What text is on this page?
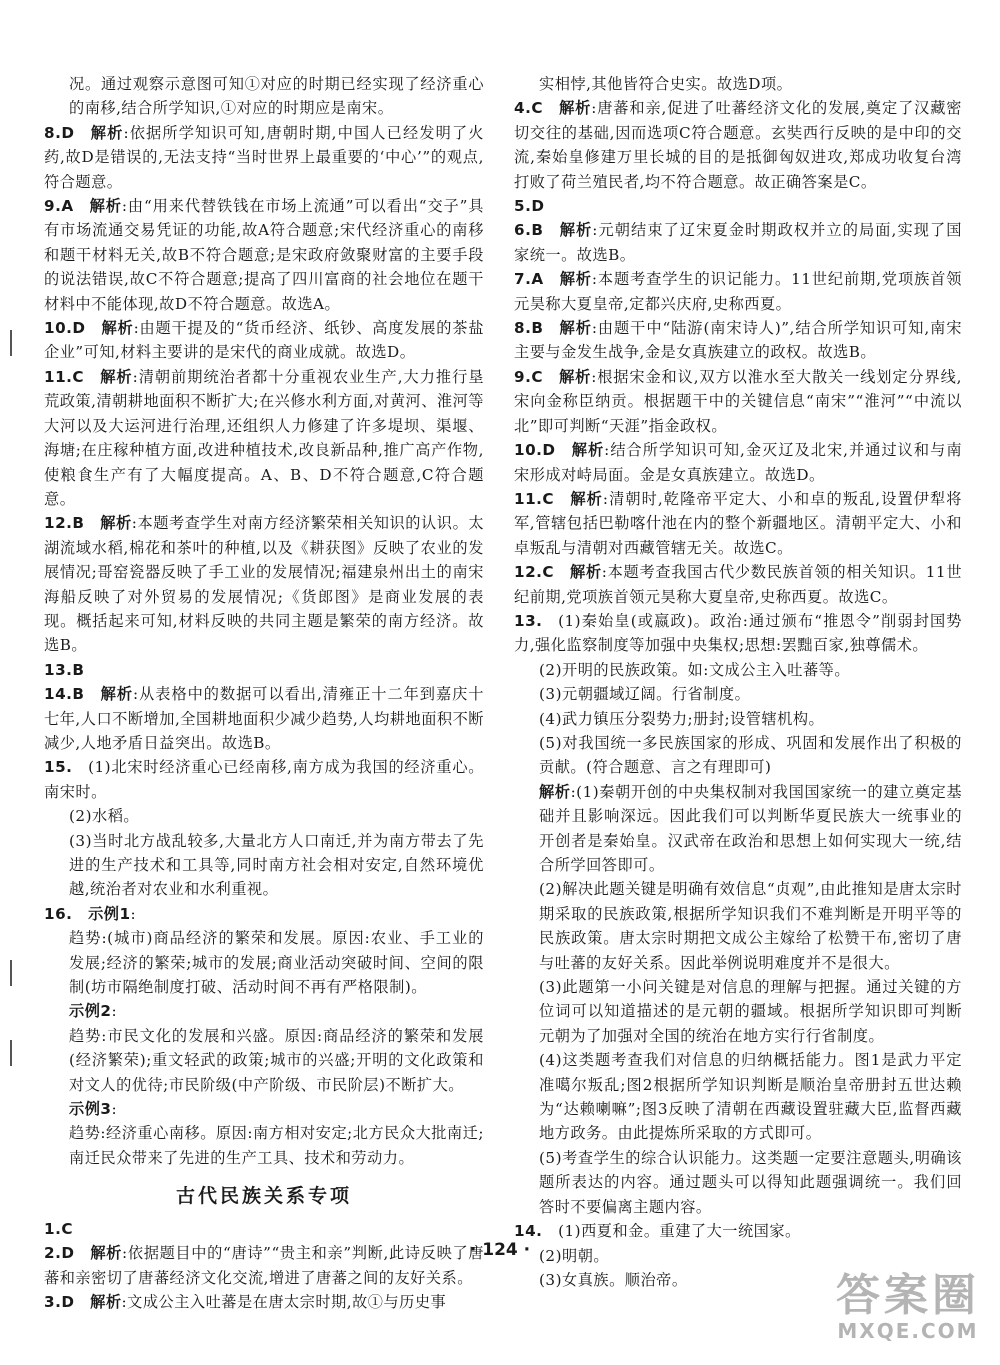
况。通过观察示意图可知①对应的时期已经实现了经济重心的南移,结合所学知识,①对应的时期应是南宋。

8.D  解析:依据所学知识可知,唐朝时期,中国人已经发明了火药,故D是错误的,无法支持“当时世界上最重要的‘中心’”的观点,符合题意。

9.A  解析:由“用来代替铁钱在市场上流通”可以看出“交子”具有市场流通交易凭证的功能,故A符合题意;宋代经济重心的南移和题干材料无关,故B不符合题意;是宋政府敛聚财富的主要手段的说法错误,故C不符合题意;提高了四川富商的社会地位在题干材料中不能体现,故D不符合题意。故选A。

10.D  解析:由题干提及的“货币经济、纸钞、高度发展的茶盐企业”可知,材料主要讲的是宋代的商业成就。故选D。

11.C  解析:清朝前期统治者都十分重视农业生产,大力推行垦荒政策,清朝耕地面积不断扩大;在兴修水利方面,对黄河、淮河等大河以及大运河进行治理,还组织人力修建了许多堤坝、渠堰、海塘;在庄稼种植方面,改进种植技术,改良新品种,推广高产作物,使粮食生产有了大幅度提高。A、B、D不符合题意,C符合题意。

12.B  解析:本题考查学生对南方经济繁荣相关知识的认识。太湖流域水稻,棉花和茶叶的种植,以及《耕获图》反映了农业的发展情况;哥窑瓷器反映了手工业的发展情况;福建泉州出土的南宋海船反映了对外贸易的发展情况;《货郎图》是商业发展的表现。概括起来可知,材料反映的共同主题是繁荣的南方经济。故选B。

13.B 

14.B  解析:从表格中的数据可以看出,清雍正十二年到嘉庆十七年,人口不断增加,全国耕地面积少减少趋势,人均耕地面积不断减少,人地矛盾日益突出。故选B。

15.  (1)北宋时经济重心已经南移,南方成为我国的经济重心。南宋时。

(2)水稻。

(3)当时北方战乱较多,大量北方人口南迁,并为南方带去了先进的生产技术和工具等,同时南方社会相对安定,自然环境优越,统治者对农业和水利重视。

16.  示例1:

趋势:(城市)商品经济的繁荣和发展。原因:农业、手工业的发展;经济的繁荣;城市的发展;商业活动突破时间、空间的限制(坊市隔绝制度打破、活动时间不再有严格限制)。

示例2:

趋势:市民文化的发展和兴盛。原因:商品经济的繁荣和发展(经济繁荣);重文轻武的政策;城市的兴盛;开明的文化政策和对文人的优待;市民阶级(中产阶级、市民阶层)不断扩大。

示例3:

趋势:经济重心南移。原因:南方相对安定;北方民众大批南迁;南迁民众带来了先进的生产工具、技术和劳动力。

古代民族关系专项

1.C 

2.D  解析:依据题目中的“唐诗”“贵主和亲”判断,此诗反映了唐蕃和亲密切了唐蕃经济文化交流,增进了唐蕃之间的友好关系。

3.D  解析:文成公主入吐蕃是在唐太宗时期,故①与历史事

实相悖,其他皆符合史实。故选D项。

4.C  解析:唐蕃和亲,促进了吐蕃经济文化的发展,奠定了汉藏密切交往的基础,因而选项C符合题意。玄奘西行反映的是中印的交流,秦始皇修建万里长城的目的是抵御匈奴进攻,郑成功收复台湾打败了荷兰殖民者,均不符合题意。故正确答案是C。

5.D 

6.B  解析:元朝结束了辽宋夏金时期政权并立的局面,实现了国家统一。故选B。

7.A  解析:本题考查学生的识记能力。11世纪前期,党项族首领元昊称大夏皇帝,定都兴庆府,史称西夏。

8.B  解析:由题干中“陆游(南宋诗人)”,结合所学知识可知,南宋主要与金发生战争,金是女真族建立的政权。故选B。

9.C  解析:根据宋金和议,双方以淮水至大散关一线划定分界线,宋向金称臣纳贡。根据题干中的关键信息“南宋”“淮河”“中流以北”即可判断“天涯”指金政权。

10.D  解析:结合所学知识可知,金灭辽及北宋,并通过议和与南宋形成对峙局面。金是女真族建立。故选D。

11.C  解析:清朝时,乾隆帝平定大、小和卓的叛乱,设置伊犁将军,管辖包括巴勒喀什池在内的整个新疆地区。清朝平定大、小和卓叛乱与清朝对西藏管辖无关。故选C。

12.C  解析:本题考查我国古代少数民族首领的相关知识。11世纪前期,党项族首领元昊称大夏皇帝,史称西夏。故选C。

13.  (1)秦始皇(或嬴政)。政治:通过颁布“推恩令”削弱封国势力,强化监察制度等加强中央集权;思想:罢黜百家,独尊儒术。

(2)开明的民族政策。如:文成公主入吐蕃等。

(3)元朝疆域辽阔。行省制度。

(4)武力镇压分裂势力;册封;设管辖机构。

(5)对我国统一多民族国家的形成、巩固和发展作出了积极的贡献。(符合题意、言之有理即可)

解析:(1)秦朝开创的中央集权制对我国国家统一的建立奠定基础并且影响深远。因此我们可以判断华夏民族大一统事业的开创者是秦始皇。汉武帝在政治和思想上如何实现大一统,结合所学回答即可。

(2)解决此题关键是明确有效信息“贞观”,由此推知是唐太宗时期采取的民族政策,根据所学知识我们不难判断是开明平等的民族政策。唐太宗时期把文成公主嫁给了松赞干布,密切了唐与吐蕃的友好关系。因此举例说明难度并不是很大。

(3)此题第一小问关键是对信息的理解与把握。通过关键的方位词可以知道描述的是元朝的疆域。根据所学知识即可判断元朝为了加强对全国的统治在地方实行行省制度。

(4)这类题考查我们对信息的归纳概括能力。图1是武力平定准噶尔叛乱;图2根据所学知识判断是顺治皇帝册封五世达赖为“达赖喇嘛”;图3反映了清朝在西藏设置驻藏大臣,监督西藏地方政务。由此提炼所采取的方式即可。

(5)考查学生的综合认识能力。这类题一定要注意题头,明确该题所表达的内容。通过题头可以得知此题强调统一。我们回答时不要偏离主题内容。

14.  (1)西夏和金。重建了大一统国家。

(2)明朝。

(3)女真族。顺治帝。

· 124 ·
答案圈
MXQE.COM
